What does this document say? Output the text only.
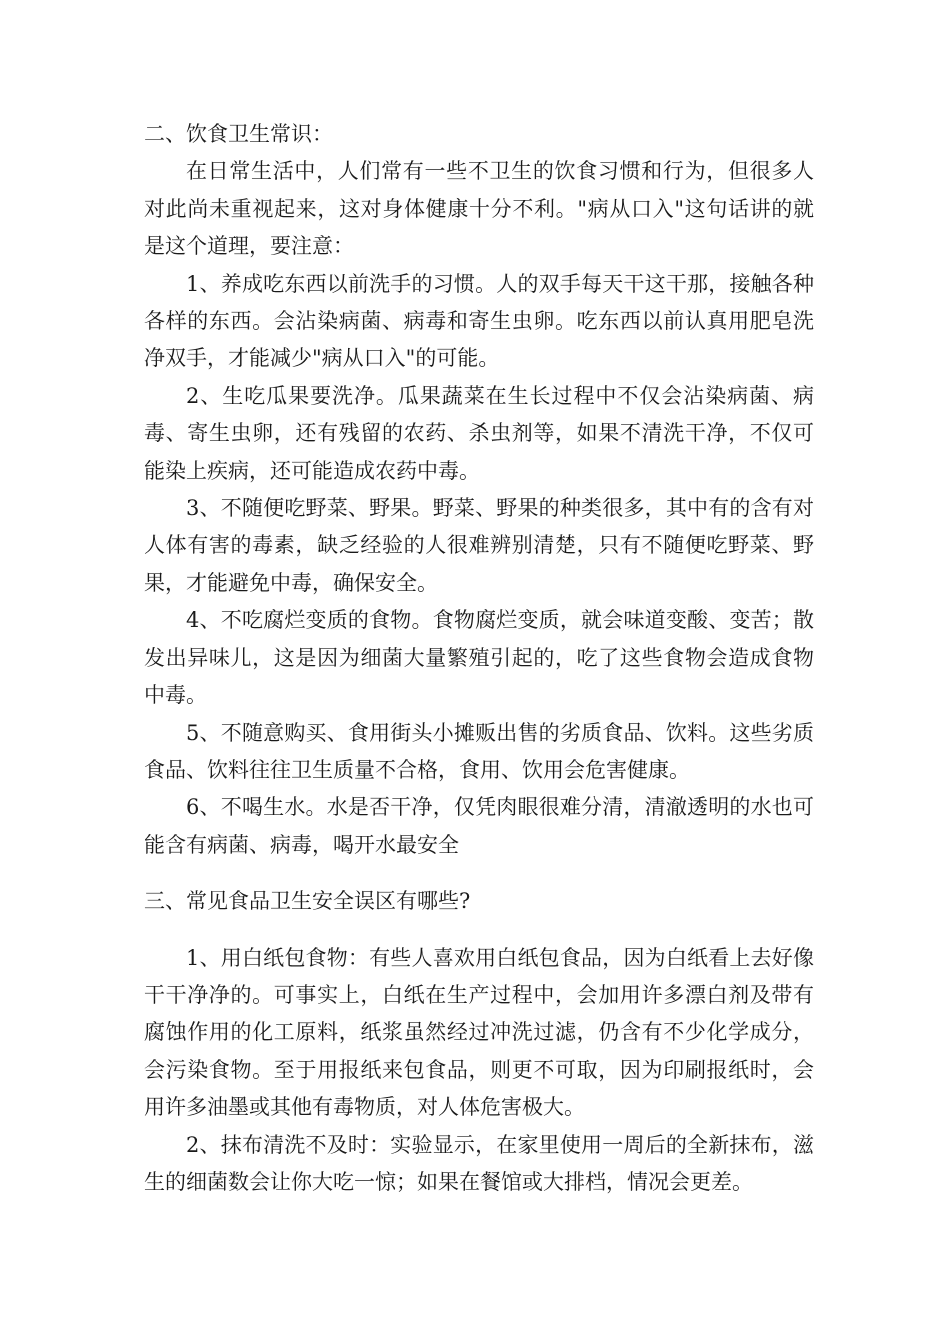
二、饮食卫生常识：

在日常生活中，人们常有一些不卫生的饮食习惯和行为，但很多人对此尚未重视起来，这对身体健康十分不利。"病从口入"这句话讲的就是这个道理，要注意：

1、养成吃东西以前洗手的习惯。人的双手每天干这干那，接触各种各样的东西。会沾染病菌、病毒和寄生虫卵。吃东西以前认真用肥皂洗净双手，才能减少"病从口入"的可能。

2、生吃瓜果要洗净。瓜果蔬菜在生长过程中不仅会沾染病菌、病毒、寄生虫卵，还有残留的农药、杀虫剂等，如果不清洗干净，不仅可能染上疾病，还可能造成农药中毒。

3、不随便吃野菜、野果。野菜、野果的种类很多，其中有的含有对人体有害的毒素，缺乏经验的人很难辨别清楚，只有不随便吃野菜、野果，才能避免中毒，确保安全。

4、不吃腐烂变质的食物。食物腐烂变质，就会味道变酸、变苦；散发出异味儿，这是因为细菌大量繁殖引起的，吃了这些食物会造成食物中毒。

5、不随意购买、食用街头小摊贩出售的劣质食品、饮料。这些劣质食品、饮料往往卫生质量不合格，食用、饮用会危害健康。

6、不喝生水。水是否干净，仅凭肉眼很难分清，清澈透明的水也可能含有病菌、病毒，喝开水最安全

三、常见食品卫生安全误区有哪些?

1、用白纸包食物：有些人喜欢用白纸包食品，因为白纸看上去好像干干净净的。可事实上，白纸在生产过程中，会加用许多漂白剂及带有腐蚀作用的化工原料，纸浆虽然经过冲洗过滤，仍含有不少化学成分，会污染食物。至于用报纸来包食品，则更不可取，因为印刷报纸时，会用许多油墨或其他有毒物质，对人体危害极大。

2、抹布清洗不及时：实验显示，在家里使用一周后的全新抹布，滋生的细菌数会让你大吃一惊；如果在餐馆或大排档，情况会更差。
